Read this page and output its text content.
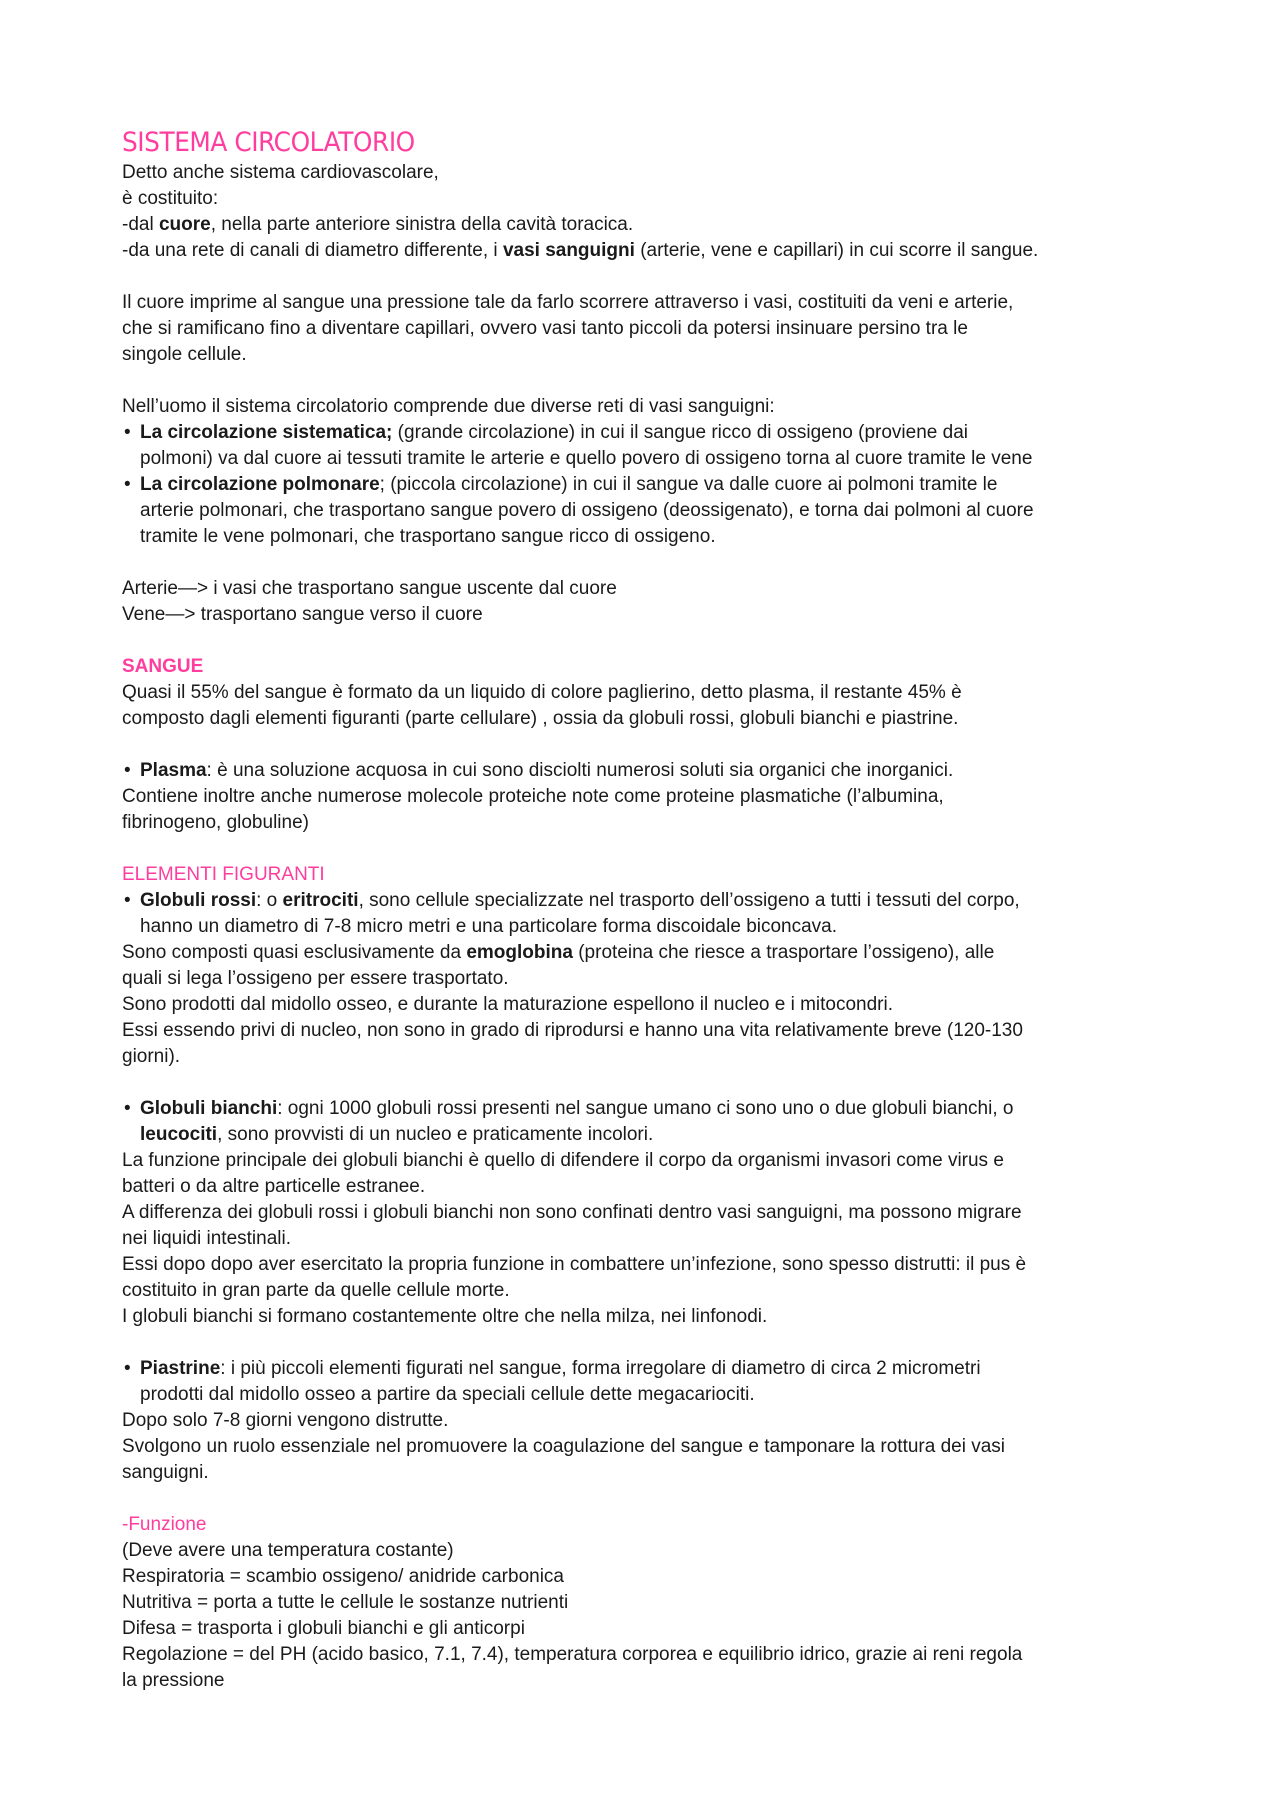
SISTEMA CIRCOLATORIO
Detto anche sistema cardiovascolare,
è costituito:
-dal cuore, nella parte anteriore sinistra della cavità toracica.
-da una rete di canali di diametro differente, i vasi sanguigni (arterie, vene e capillari) in cui scorre il sangue.
Il cuore imprime al sangue una pressione tale da farlo scorrere attraverso i vasi, costituiti da veni e arterie,
che si ramificano fino a diventare capillari, ovvero vasi tanto piccoli da potersi insinuare persino tra le
singole cellule.
Nell’uomo il sistema circolatorio comprende due diverse reti di vasi sanguigni:
• La circolazione sistematica; (grande circolazione) in cui il sangue ricco di ossigeno (proviene dai
polmoni) va dal cuore ai tessuti tramite le arterie e quello povero di ossigeno torna al cuore tramite le vene
• La circolazione polmonare; (piccola circolazione) in cui il sangue va dalle cuore ai polmoni tramite le
arterie polmonari, che trasportano sangue povero di ossigeno (deossigenato), e torna dai polmoni al cuore
tramite le vene polmonari, che trasportano sangue ricco di ossigeno.
Arterie—> i vasi che trasportano sangue uscente dal cuore
Vene—> trasportano sangue verso il cuore
SANGUE
Quasi il 55% del sangue è formato da un liquido di colore paglierino, detto plasma, il restante 45% è
composto dagli elementi figuranti (parte cellulare) , ossia da globuli rossi, globuli bianchi e piastrine.
• Plasma: è una soluzione acquosa in cui sono disciolti numerosi soluti sia organici che inorganici.
Contiene inoltre anche numerose molecole proteiche note come proteine plasmatiche (l’albumina,
fibrinogeno, globuline)
ELEMENTI FIGURANTI
• Globuli rossi: o eritrociti, sono cellule specializzate nel trasporto dell’ossigeno a tutti i tessuti del corpo,
hanno un diametro di 7-8 micro metri e una particolare forma discoidale biconcava.
Sono composti quasi esclusivamente da emoglobina (proteina che riesce a trasportare l’ossigeno), alle
quali si lega l’ossigeno per essere trasportato.
Sono prodotti dal midollo osseo, e durante la maturazione espellono il nucleo e i mitocondri.
Essi essendo privi di nucleo, non sono in grado di riprodursi e hanno una vita relativamente breve (120-130
giorni).
• Globuli bianchi: ogni 1000 globuli rossi presenti nel sangue umano ci sono uno o due globuli bianchi, o
leucociti, sono provvisti di un nucleo e praticamente incolori.
La funzione principale dei globuli bianchi è quello di difendere il corpo da organismi invasori come virus e
batteri o da altre particelle estranee.
A differenza dei globuli rossi i globuli bianchi non sono confinati dentro vasi sanguigni, ma possono migrare
nei liquidi intestinali.
Essi dopo dopo aver esercitato la propria funzione in combattere un’infezione, sono spesso distrutti: il pus è
costituito in gran parte da quelle cellule morte.
I globuli bianchi si formano costantemente oltre che nella milza, nei linfonodi.
• Piastrine: i più piccoli elementi figurati nel sangue, forma irregolare di diametro di circa 2 micrometri
prodotti dal midollo osseo a partire da speciali cellule dette megacariociti.
Dopo solo 7-8 giorni vengono distrutte.
Svolgono un ruolo essenziale nel promuovere la coagulazione del sangue e tamponare la rottura dei vasi
sanguigni.
-Funzione
(Deve avere una temperatura costante)
Respiratoria = scambio ossigeno/ anidride carbonica
Nutritiva = porta a tutte le cellule le sostanze nutrienti
Difesa = trasporta i globuli bianchi e gli anticorpi
Regolazione = del PH (acido basico, 7.1, 7.4), temperatura corporea e equilibrio idrico, grazie ai reni regola
la pressione
